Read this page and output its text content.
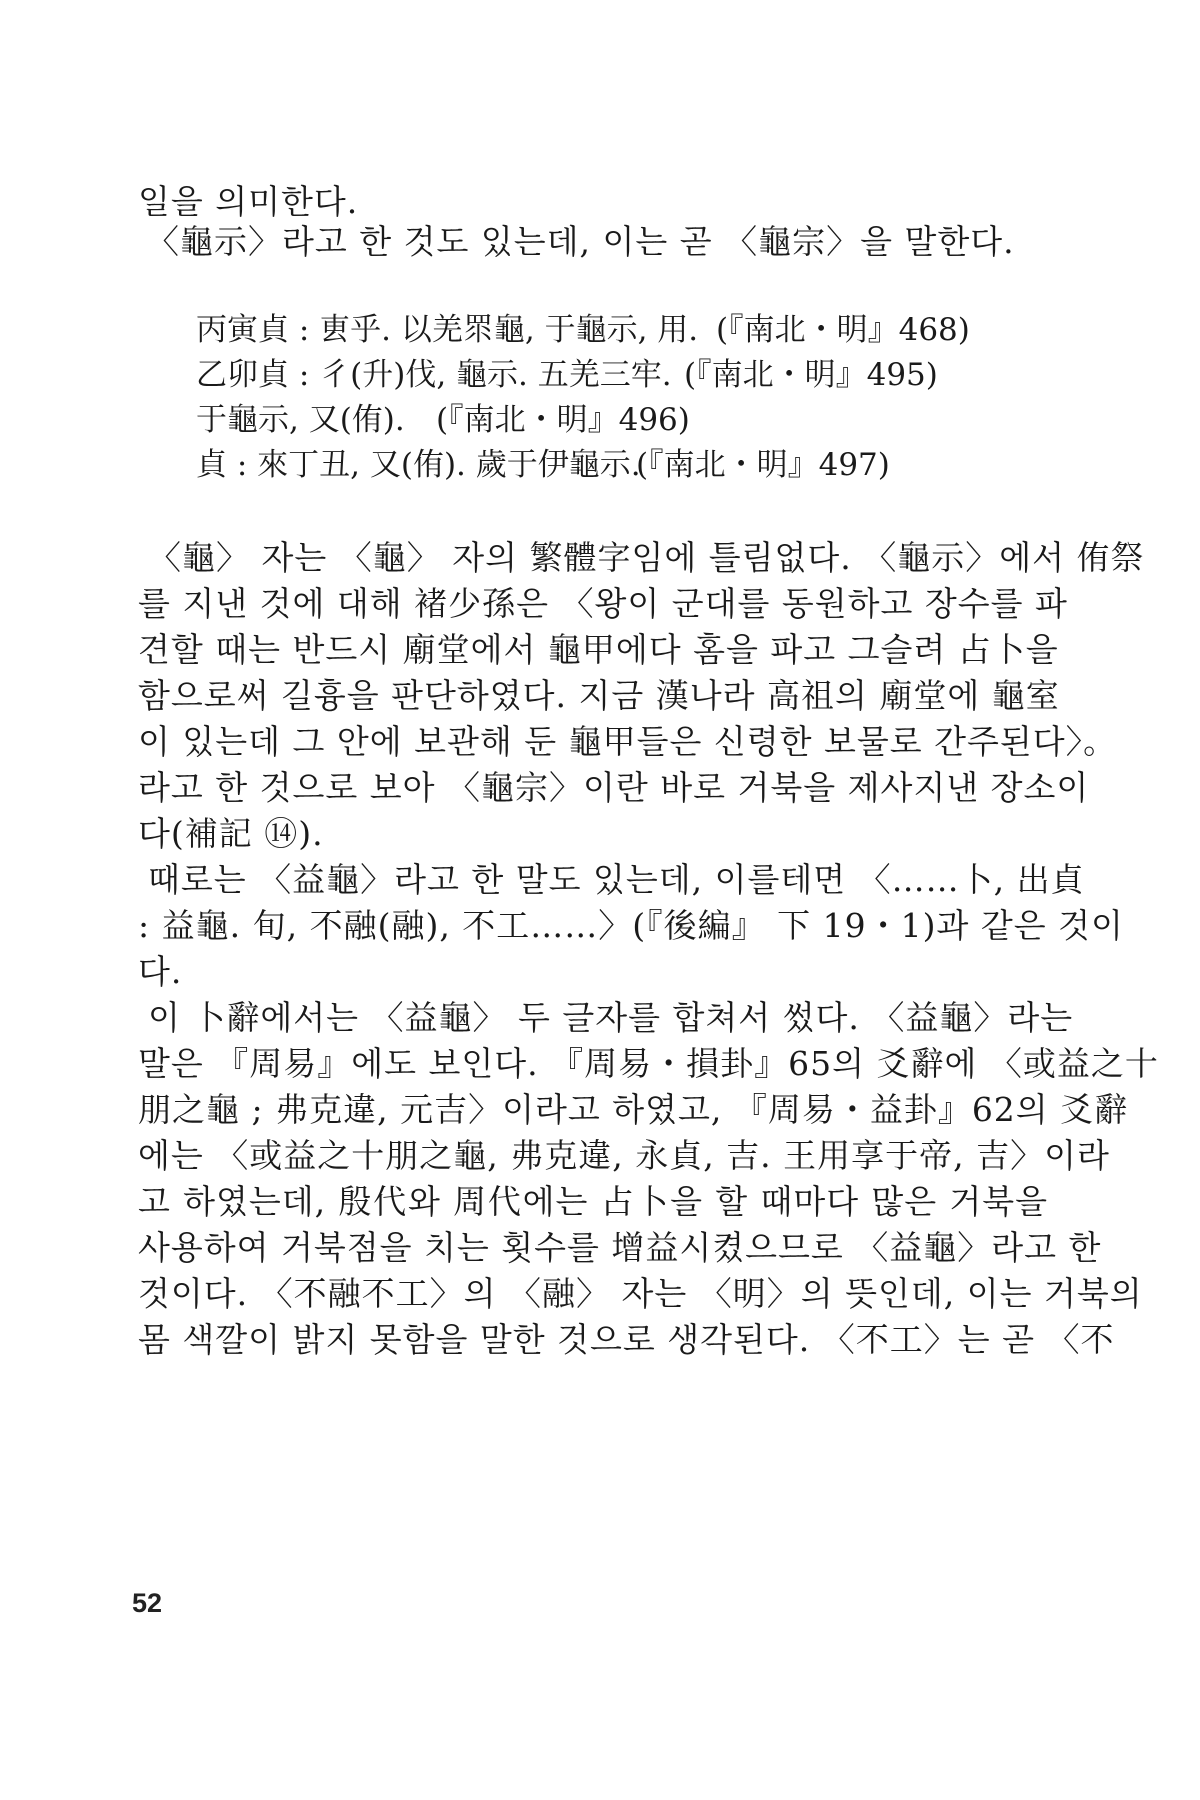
일을 의미한다.
〈龜示〉라고 한 것도 있는데, 이는 곧 〈龜宗〉을 말한다.
丙寅貞 : 叀乎. 以羌眔龜, 于龜示, 用. (『南北・明』468)
乙卯貞 : 彳(升)伐, 龜示. 五羌三牢. (『南北・明』495)
于龜示, 又(侑). (『南北・明』496)
貞 : 來丁丑, 又(侑). 歲于伊龜示.
(『南北・明』497)
〈龜〉 자는 〈龜〉 자의 繁體字임에 틀림없다. 〈龜示〉에서 侑祭
를 지낸 것에 대해 褚少孫은 〈왕이 군대를 동원하고 장수를 파
견할 때는 반드시 廟堂에서 龜甲에다 홈을 파고 그슬려 占卜을
함으로써 길흉을 판단하였다. 지금 漢나라 高祖의 廟堂에 龜室
이 있는데 그 안에 보관해 둔 龜甲들은 신령한 보물로 간주된다〉。
라고 한 것으로 보아 〈龜宗〉이란 바로 거북을 제사지낸 장소이
다(補記 ⑭).
때로는 〈益龜〉라고 한 말도 있는데, 이를테면 〈……卜, 出貞
: 益龜. 旬, 不融(融), 不工……〉(『後編』 下 19・1)과 같은 것이
다.
이 卜辭에서는 〈益龜〉 두 글자를 합쳐서 썼다. 〈益龜〉라는
말은 『周易』에도 보인다. 『周易・損卦』65의 爻辭에 〈或益之十
朋之龜 ; 弗克違, 元吉〉이라고 하였고, 『周易・益卦』62의 爻辭
에는 〈或益之十朋之龜, 弗克違, 永貞, 吉. 王用享于帝, 吉〉이라
고 하였는데, 殷代와 周代에는 占卜을 할 때마다 많은 거북을
사용하여 거북점을 치는 횟수를 增益시켰으므로 〈益龜〉라고 한
것이다. 〈不融不工〉의 〈融〉 자는 〈明〉의 뜻인데, 이는 거북의
몸 색깔이 밝지 못함을 말한 것으로 생각된다. 〈不工〉는 곧 〈不
52
